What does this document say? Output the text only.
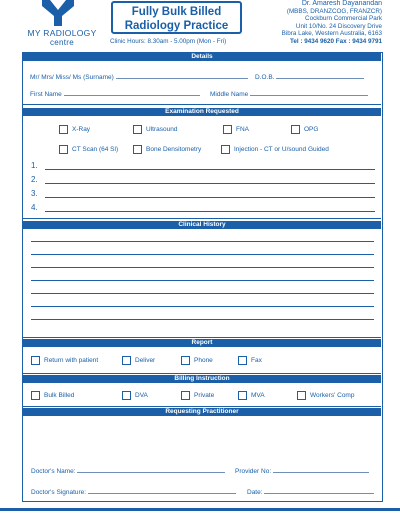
MY RADIOLOGY
centre
Fully Bulk Billed
Radiology Practice
Clinic Hours: 8.30am - 5.00pm (Mon - Fri)
Dr. Amaresh Dayanandan
(MBBS, DRANZCOG, FRANZCR)
Cockburn Commercial Park
Unit 10/No. 24 Discovery Drive
Bibra Lake, Western Australia, 6163
Tel : 9434 9620 Fax : 9434 9791
Details
Mr/ Mrs/ Miss/ Ms (Surname)	D.O.B.
First Name	Middle Name
Examination Requested
X-Ray	Ultrasound	FNA	OPG
CT Scan (64 Sl)	Bone Densitometry	Injection - CT or U/sound Guided
1.
2.
3.
4.
Clinical History
Report
Return with patient	Deliver	Phone	Fax
Billing Instruction
Bulk Billed	DVA	Private	MVA	Workers' Comp
Requesting Practitioner
Doctor's Name:	Provider No:
Doctor's Signature:	Date:
